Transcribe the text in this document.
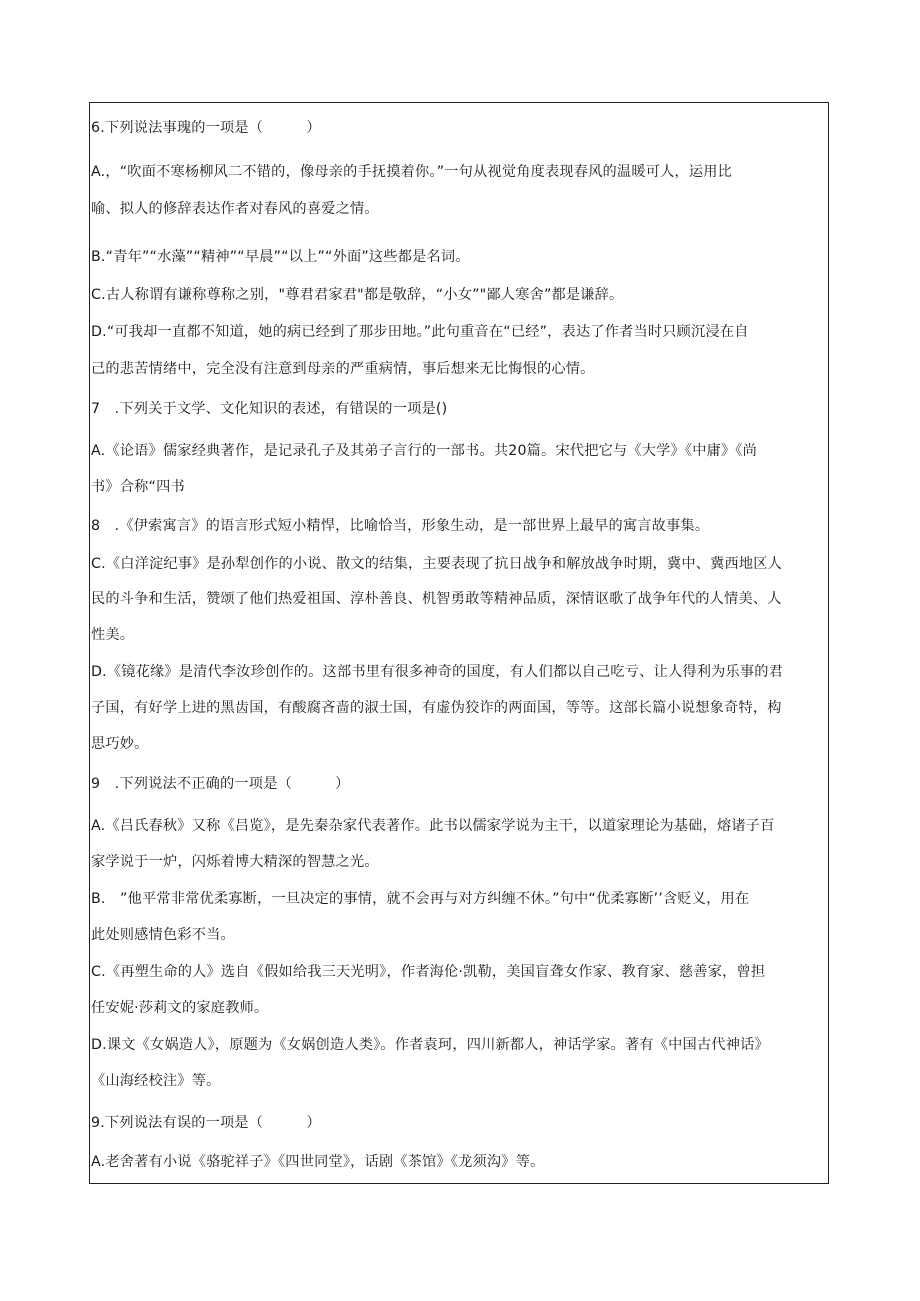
6.下列说法事瑰的一项是（　　　）
A.，“吹面不寒杨柳风二不错的，像母亲的手抚摸着你。”一句从视觉角度表现春风的温暖可人，运用比
喻、拟人的修辞表达作者对春风的喜爱之情。
B.“青年”“水藻”“精神”“早晨”“以上”“外面”这些都是名词。
C.古人称谓有谦称尊称之别，"尊君君家君"都是敬辞，“小女”"鄙人寒舍”都是谦辞。
D.“可我却一直都不知道，她的病已经到了那步田地。”此句重音在“已经”，表达了作者当时只顾沉浸在自
己的悲苦情绪中，完全没有注意到母亲的严重病情，事后想来无比悔恨的心情。
7　.下列关于文学、文化知识的表述，有错误的一项是()
A.《论语》儒家经典著作，是记录孔子及其弟子言行的一部书。共20篇。宋代把它与《大学》《中庸》《尚
书》合称“四书
8　.《伊索寓言》的语言形式短小精悍，比喻恰当，形象生动，是一部世界上最早的寓言故事集。
C.《白洋淀纪事》是孙犁创作的小说、散文的结集，主要表现了抗日战争和解放战争时期，冀中、冀西地区人
民的斗争和生活，赞颂了他们热爱祖国、淳朴善良、机智勇敢等精神品质，深情讴歌了战争年代的人情美、人
性美。
D.《镜花缘》是清代李汝珍创作的。这部书里有很多神奇的国度，有人们都以自己吃亏、让人得利为乐事的君
子国，有好学上进的黑齿国，有酸腐吝啬的淑士国，有虚伪狡诈的两面国，等等。这部长篇小说想象奇特，构
思巧妙。
9　.下列说法不正确的一项是（　　　）
A.《吕氏春秋》又称《吕览》，是先秦杂家代表著作。此书以儒家学说为主干，以道家理论为基础，熔诸子百
家学说于一炉，闪烁着博大精深的智慧之光。
B.　”他平常非常优柔寡断，一旦决定的事情，就不会再与对方纠缠不休。”句中“优柔寡断’’含贬义，用在
此处则感情色彩不当。
C.《再塑生命的人》选自《假如给我三天光明》，作者海伦·凯勒，美国盲聋女作家、教育家、慈善家，曾担
任安妮·莎莉文的家庭教师。
D.课文《女娲造人》，原题为《女娲创造人类》。作者袁珂，四川新都人，神话学家。著有《中国古代神话》
《山海经校注》等。
9.下列说法有误的一项是（　　　）
A.老舍著有小说《骆驼祥子》《四世同堂》，话剧《茶馆》《龙须沟》等。
